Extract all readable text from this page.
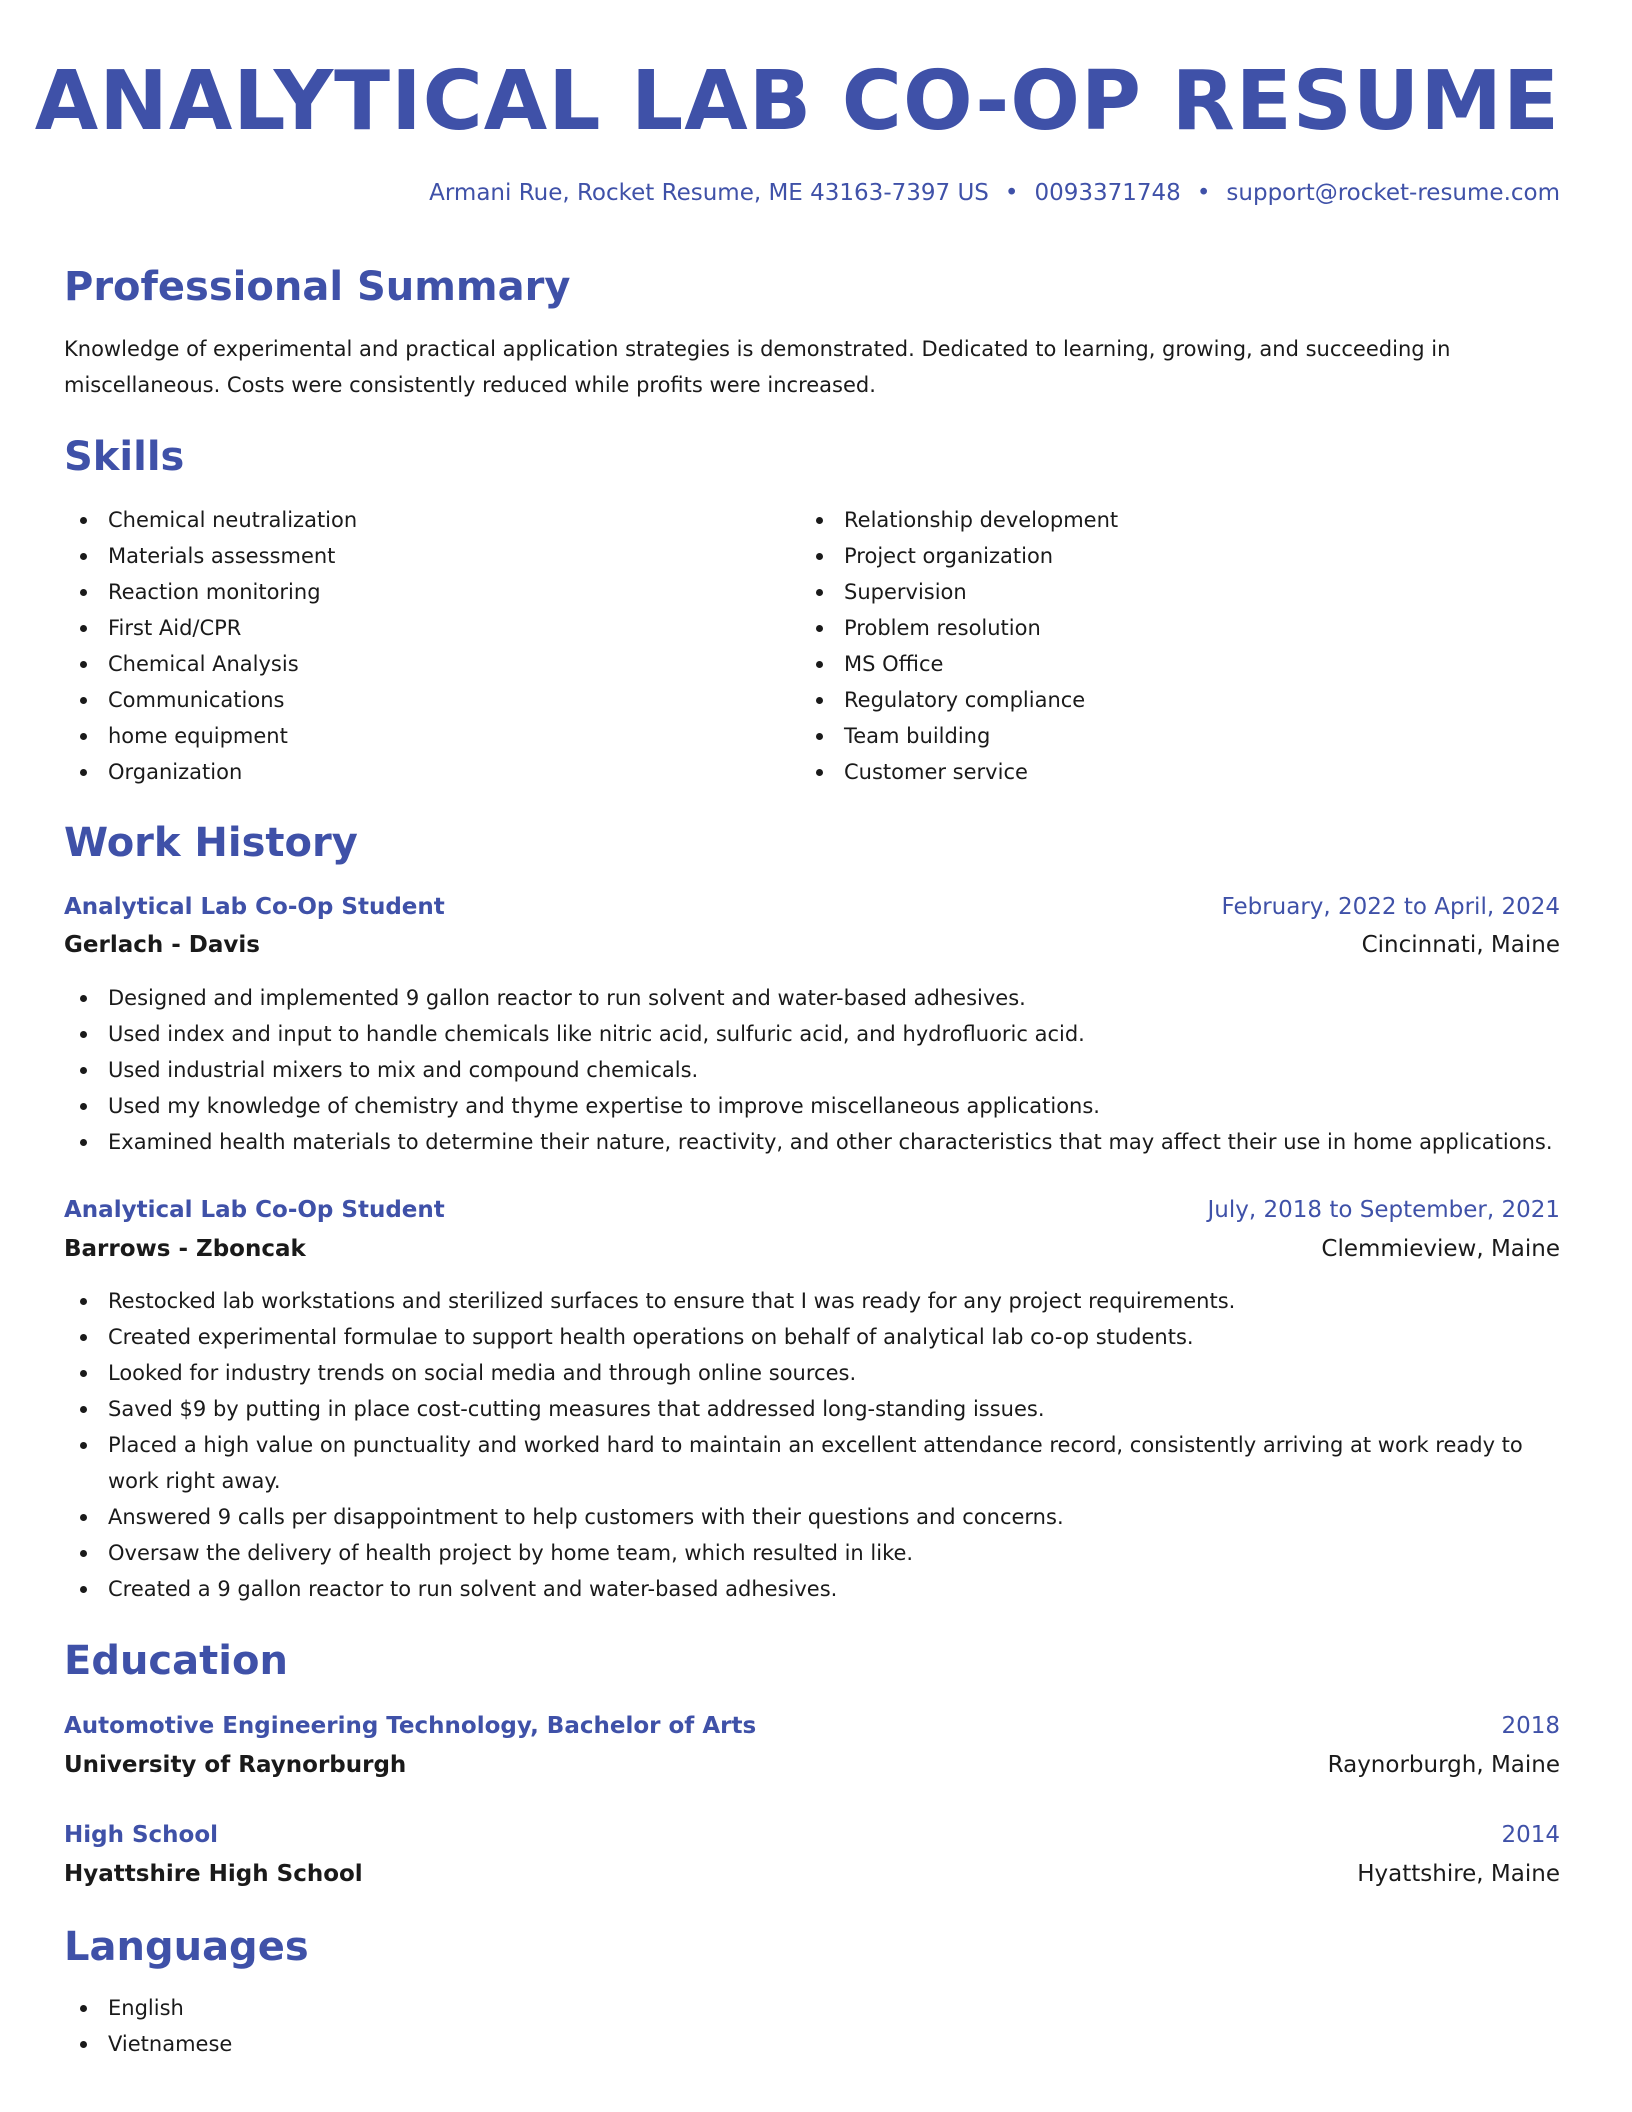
ANALYTICAL LAB CO-OP RESUME
Armani Rue, Rocket Resume, ME 43163-7397 US • 0093371748 • support@rocket-resume.com
Professional Summary

Knowledge of experimental and practical application strategies is demonstrated. Dedicated to learning, growing, and succeeding in miscellaneous. Costs were consistently reduced while profits were increased.

Skills
Chemical neutralization
Materials assessment
Reaction monitoring
First Aid/CPR
Chemical Analysis
Communications
home equipment
Organization
Relationship development
Project organization
Supervision
Problem resolution
MS Office
Regulatory compliance
Team building
Customer service
Work History
Analytical Lab Co-Op Student	February, 2022 to April, 2024
Gerlach - Davis	Cincinnati, Maine
Designed and implemented 9 gallon reactor to run solvent and water-based adhesives.
Used index and input to handle chemicals like nitric acid, sulfuric acid, and hydrofluoric acid.
Used industrial mixers to mix and compound chemicals.
Used my knowledge of chemistry and thyme expertise to improve miscellaneous applications.
Examined health materials to determine their nature, reactivity, and other characteristics that may affect their use in home applications.
Analytical Lab Co-Op Student	July, 2018 to September, 2021
Barrows - Zboncak	Clemmieview, Maine
Restocked lab workstations and sterilized surfaces to ensure that I was ready for any project requirements.
Created experimental formulae to support health operations on behalf of analytical lab co-op students.
Looked for industry trends on social media and through online sources.
Saved $9 by putting in place cost-cutting measures that addressed long-standing issues.
Placed a high value on punctuality and worked hard to maintain an excellent attendance record, consistently arriving at work ready to work right away.
Answered 9 calls per disappointment to help customers with their questions and concerns.
Oversaw the delivery of health project by home team, which resulted in like.
Created a 9 gallon reactor to run solvent and water-based adhesives.
Education
Automotive Engineering Technology, Bachelor of Arts	2018
University of Raynorburgh	Raynorburgh, Maine
High School	2014
Hyattshire High School	Hyattshire, Maine
Languages
English
Vietnamese
